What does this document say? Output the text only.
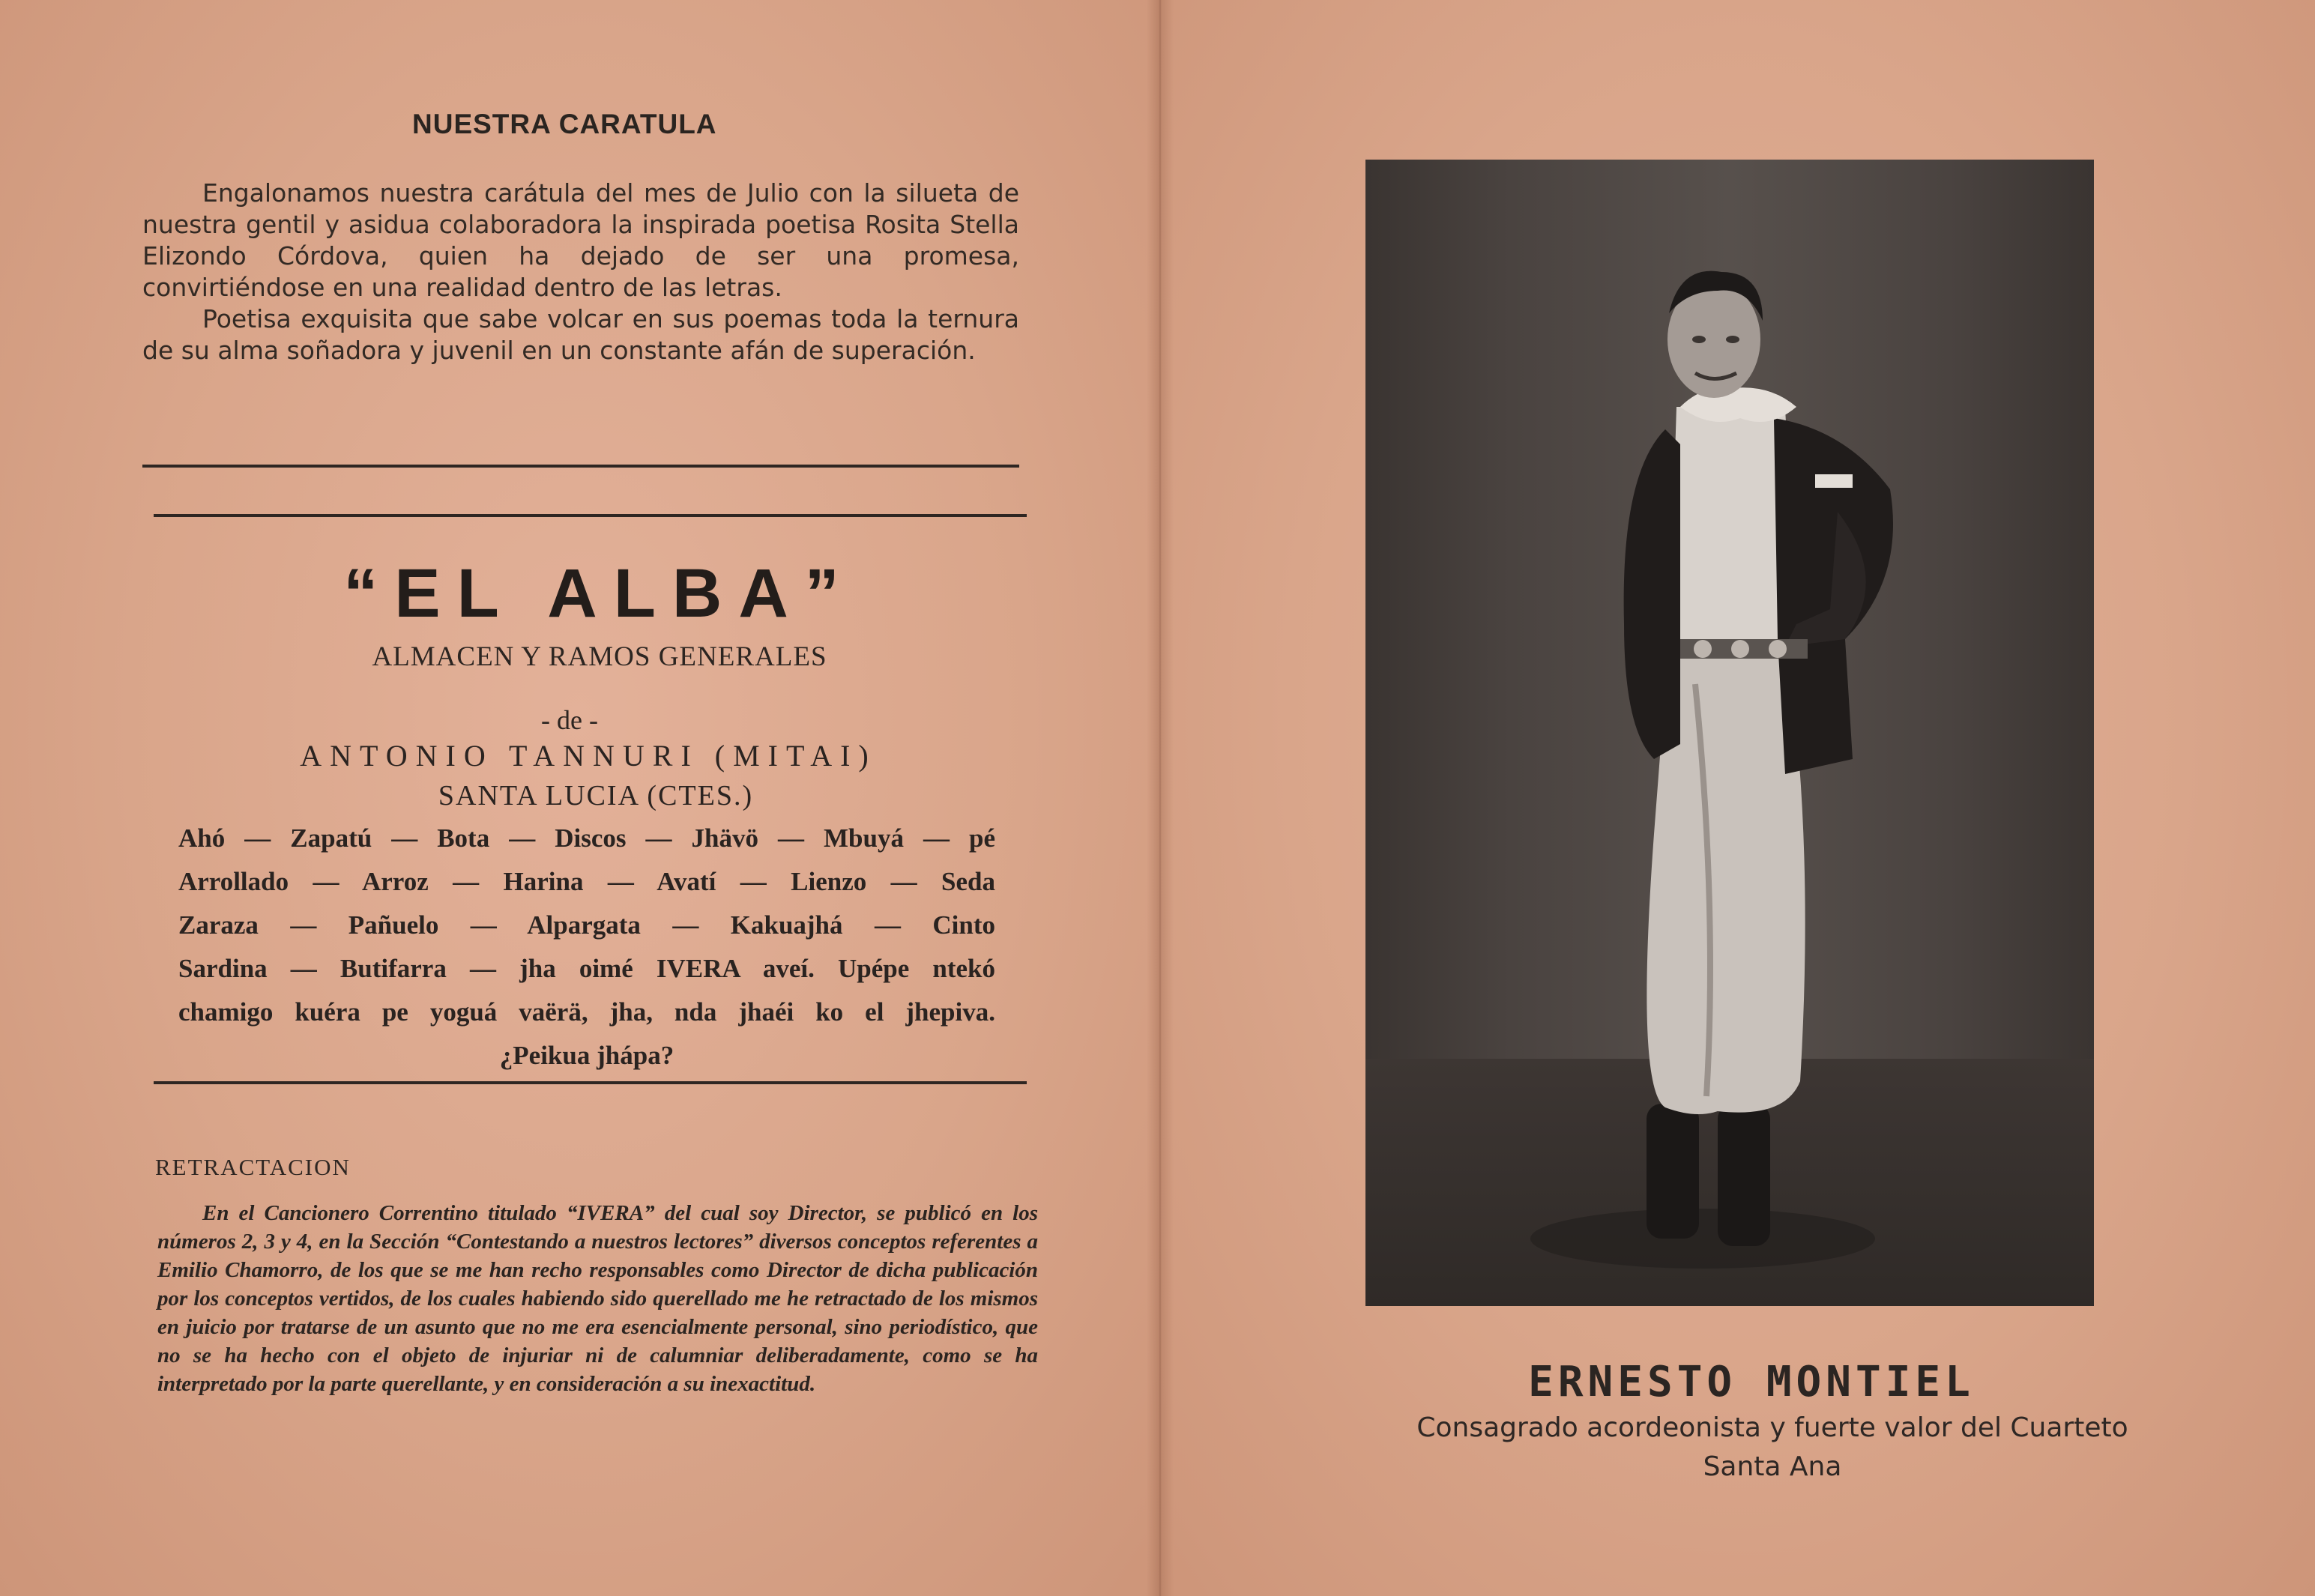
NUESTRA CARATULA

Engalonamos nuestra carátula del mes de Julio con la silueta de nuestra gentil y asidua colaboradora la inspirada poetisa Rosita Stella Elizondo Córdova, quien ha dejado de ser una promesa, convirtiéndose en una realidad dentro de las letras.

Poetisa exquisita que sabe volcar en sus poemas toda la ternura de su alma soñadora y juvenil en un constante afán de superación.

“EL ALBA”
ALMACEN Y RAMOS GENERALES
- de -
ANTONIO TANNURI (MITAI)
SANTA LUCIA (CTES.)
Ahó — Zapatú — Bota — Discos — Jhävö — Mbuyá — pé
Arrollado — Arroz — Harina — Avatí — Lienzo — Seda
Zaraza — Pañuelo — Alpargata — Kakuajhá — Cinto
Sardina — Butifarra — jha oimé IVERA aveí. Upépe ntekó
chamigo kuéra pe yoguá vaërä, jha, nda jhaéi ko el jhepiva.
¿Peikua jhápa?
RETRACTACION
En el Cancionero Correntino titulado “IVERA” del cual soy Director, se publicó en los números 2, 3 y 4, en la Sección “Contestando a nuestros lectores” diversos conceptos referentes a Emilio Chamorro, de los que se me han recho responsables como Director de dicha publicación por los conceptos vertidos, de los cuales habiendo sido querellado me he retractado de los mismos en juicio por tratarse de un asunto que no me era esencialmente personal, sino periodístico, que no se ha hecho con el objeto de injuriar ni de calumniar deliberadamente, como se ha interpretado por la parte querellante, y en consideración a su inexactitud.	ERNESTO MONTIEL
Consagrado acordeonista y fuerte valor del Cuarteto
Santa Ana
